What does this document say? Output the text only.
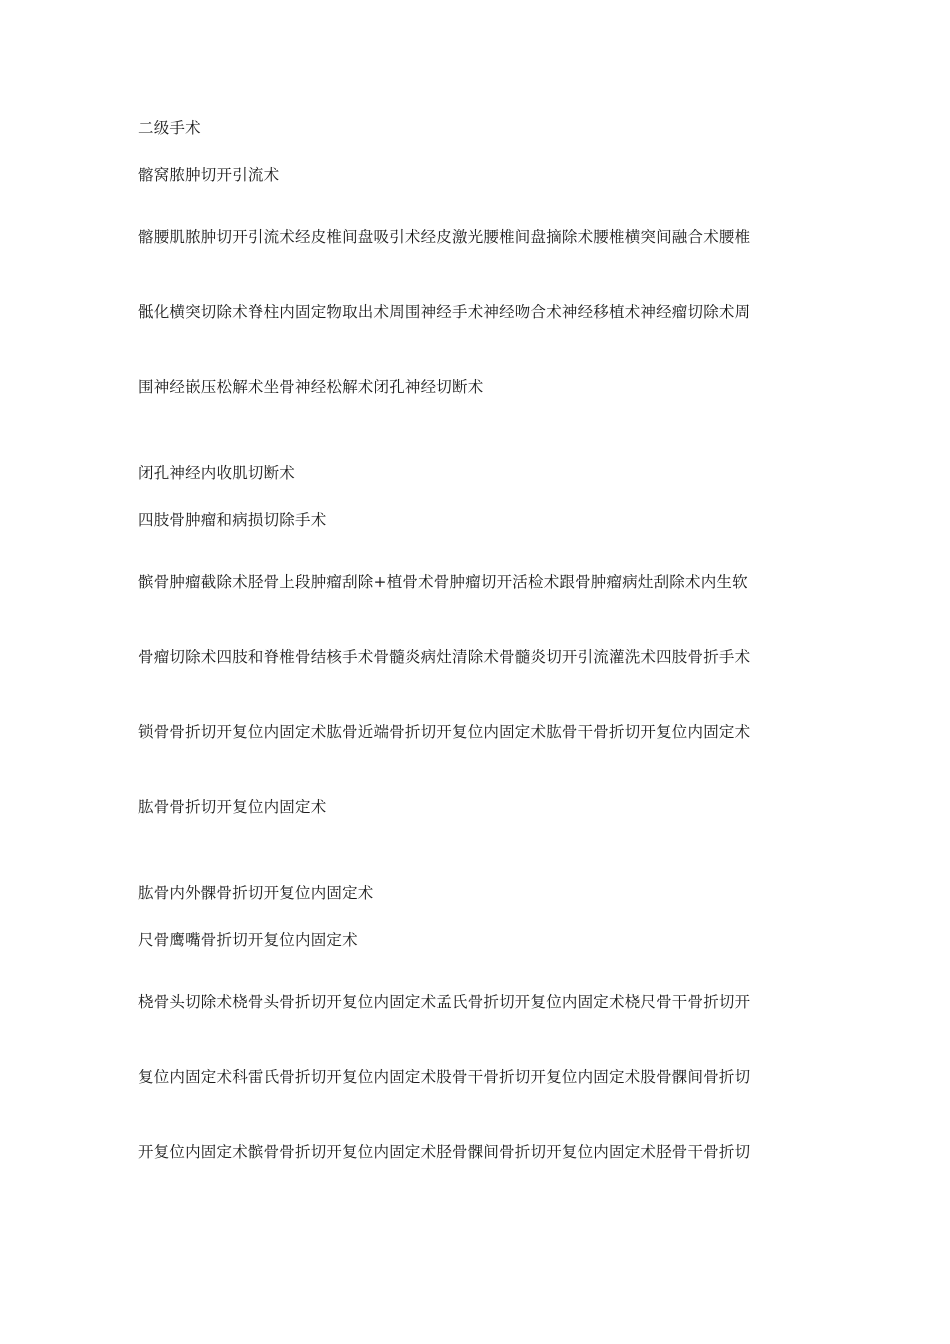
二级手术
髂窝脓肿切开引流术
髂腰肌脓肿切开引流术经皮椎间盘吸引术经皮激光腰椎间盘摘除术腰椎横突间融合术腰椎
骶化横突切除术脊柱内固定物取出术周围神经手术神经吻合术神经移植术神经瘤切除术周
围神经嵌压松解术坐骨神经松解术闭孔神经切断术
闭孔神经内收肌切断术
四肢骨肿瘤和病损切除手术
髌骨肿瘤截除术胫骨上段肿瘤刮除+植骨术骨肿瘤切开活检术跟骨肿瘤病灶刮除术内生软
骨瘤切除术四肢和脊椎骨结核手术骨髓炎病灶清除术骨髓炎切开引流灌洗术四肢骨折手术
锁骨骨折切开复位内固定术肱骨近端骨折切开复位内固定术肱骨干骨折切开复位内固定术
肱骨骨折切开复位内固定术
肱骨内外髁骨折切开复位内固定术
尺骨鹰嘴骨折切开复位内固定术
桡骨头切除术桡骨头骨折切开复位内固定术孟氏骨折切开复位内固定术桡尺骨干骨折切开
复位内固定术科雷氏骨折切开复位内固定术股骨干骨折切开复位内固定术股骨髁间骨折切
开复位内固定术髌骨骨折切开复位内固定术胫骨髁间骨折切开复位内固定术胫骨干骨折切
